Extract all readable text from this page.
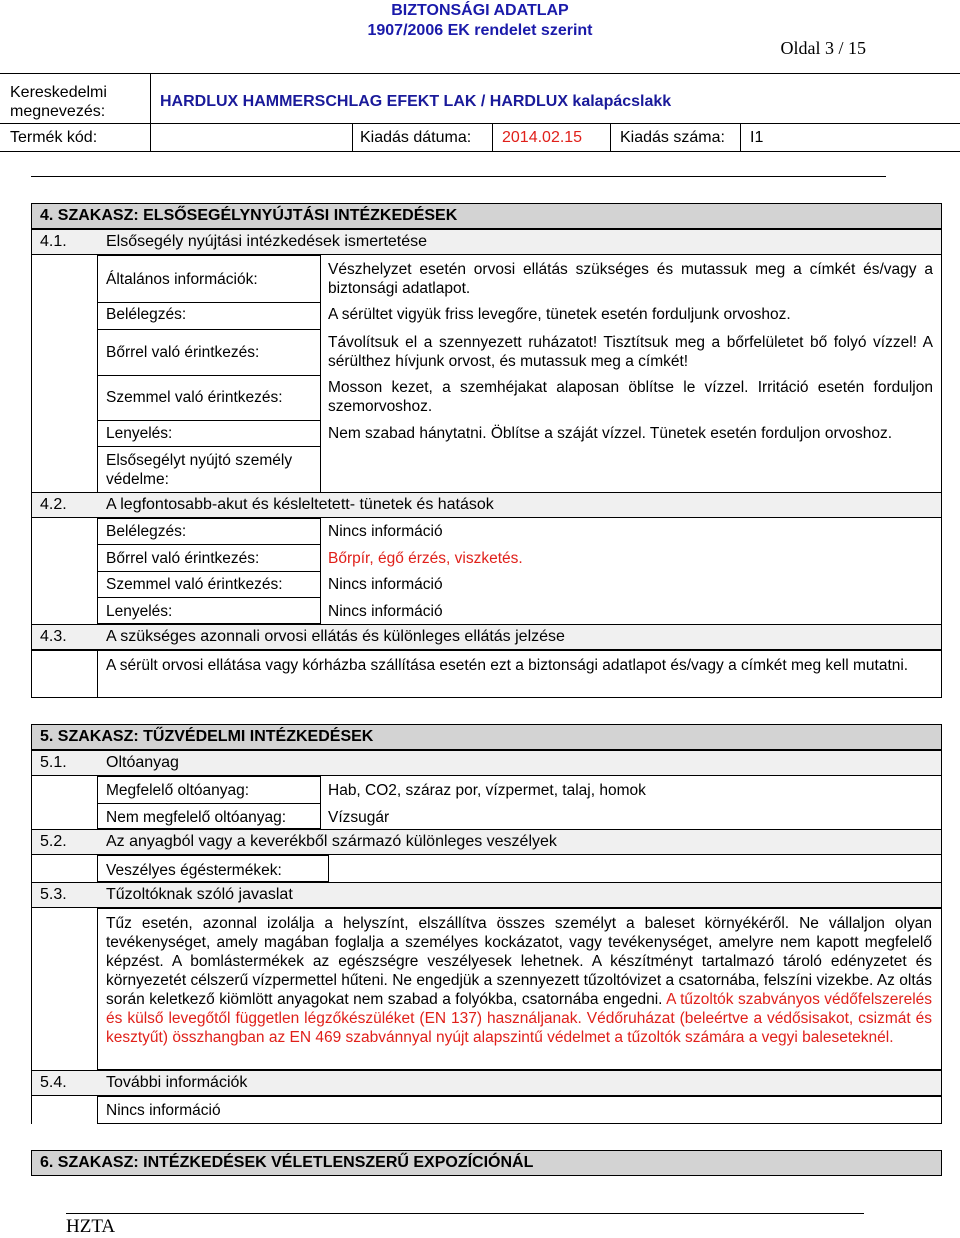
BIZTONSÁGI ADATLAP
1907/2006 EK rendelet szerint
Oldal 3 / 15
Kereskedelmi megnevezés:
HARDLUX HAMMERSCHLAG EFEKT LAK / HARDLUX kalapácslakk
Termék kód:	Kiadás dátuma: 2014.02.15 Kiadás száma: I1
4. SZAKASZ: ELSŐSEGÉLYNYÚJTÁSI INTÉZKEDÉSEK
4.1. Elsősegély nyújtási intézkedések ismertetése
Általános információk:
Belélegzés:
Bőrrel való érintkezés:
Szemmel való érintkezés:
Lenyelés:
Elsősegélyt nyújtó személy védelme:
Vészhelyzet esetén orvosi ellátás szükséges és mutassuk meg a címkét és/vagy a biztonsági adatlapot.
A sérültet vigyük friss levegőre, tünetek esetén forduljunk orvoshoz.
Távolítsuk el a szennyezett ruházatot! Tisztítsuk meg a bőrfelületet bő folyó vízzel! A sérülthez hívjunk orvost, és mutassuk meg a címkét!
Mosson kezet, a szemhéjakat alaposan öblítse le vízzel. Irritáció esetén forduljon szemorvoshoz.
Nem szabad hánytatni. Öblítse a száját vízzel. Tünetek esetén forduljon orvoshoz.
4.2. A legfontosabb-akut és késleltetett- tünetek és hatások
Belélegzés:
Bőrrel való érintkezés:
Szemmel való érintkezés:
Lenyelés:
Nincs információ
Bőrpír, égő érzés, viszketés.
Nincs információ
Nincs információ
4.3. A szükséges azonnali orvosi ellátás és különleges ellátás jelzése
A sérült orvosi ellátása vagy kórházba szállítása esetén ezt a biztonsági adatlapot és/vagy a címkét meg kell mutatni.
5. SZAKASZ: TŰZVÉDELMI INTÉZKEDÉSEK
5.1. Oltóanyag
Megfelelő oltóanyag:
Nem megfelelő oltóanyag:
Hab, CO2, száraz por, vízpermet, talaj, homok
Vízsugár
5.2. Az anyagból vagy a keverékből származó különleges veszélyek
Veszélyes égéstermékek:
5.3. Tűzoltóknak szóló javaslat
Tűz esetén, azonnal izolálja a helyszínt, elszállítva összes személyt a baleset környékéről. Ne vállaljon olyan tevékenységet, amely magában foglalja a személyes kockázatot, vagy tevékenységet, amelyre nem kapott megfelelő képzést. A bomlástermékek az egészségre veszélyesek lehetnek. A készítményt tartalmazó tároló edényzetet és környezetét célszerű vízpermettel hűteni. Ne engedjük a szennyezett tűzoltóvizet a csatornába, felszíni vizekbe. Az oltás során keletkező kiömlött anyagokat nem szabad a folyókba, csatornába engedni. A tűzoltók szabványos védőfelszerelés és külső levegőtől független légzőkészüléket (EN 137) használjanak. Védőruházat (beleértve a védősisakot, csizmát és kesztyűt) összhangban az EN 469 szabvánnyal nyújt alapszintű védelmet a tűzoltók számára a vegyi baleseteknél.
5.4. További információk
Nincs információ
6. SZAKASZ: INTÉZKEDÉSEK VÉLETLENSZERŰ EXPOZÍCIÓNÁL
HZTA
